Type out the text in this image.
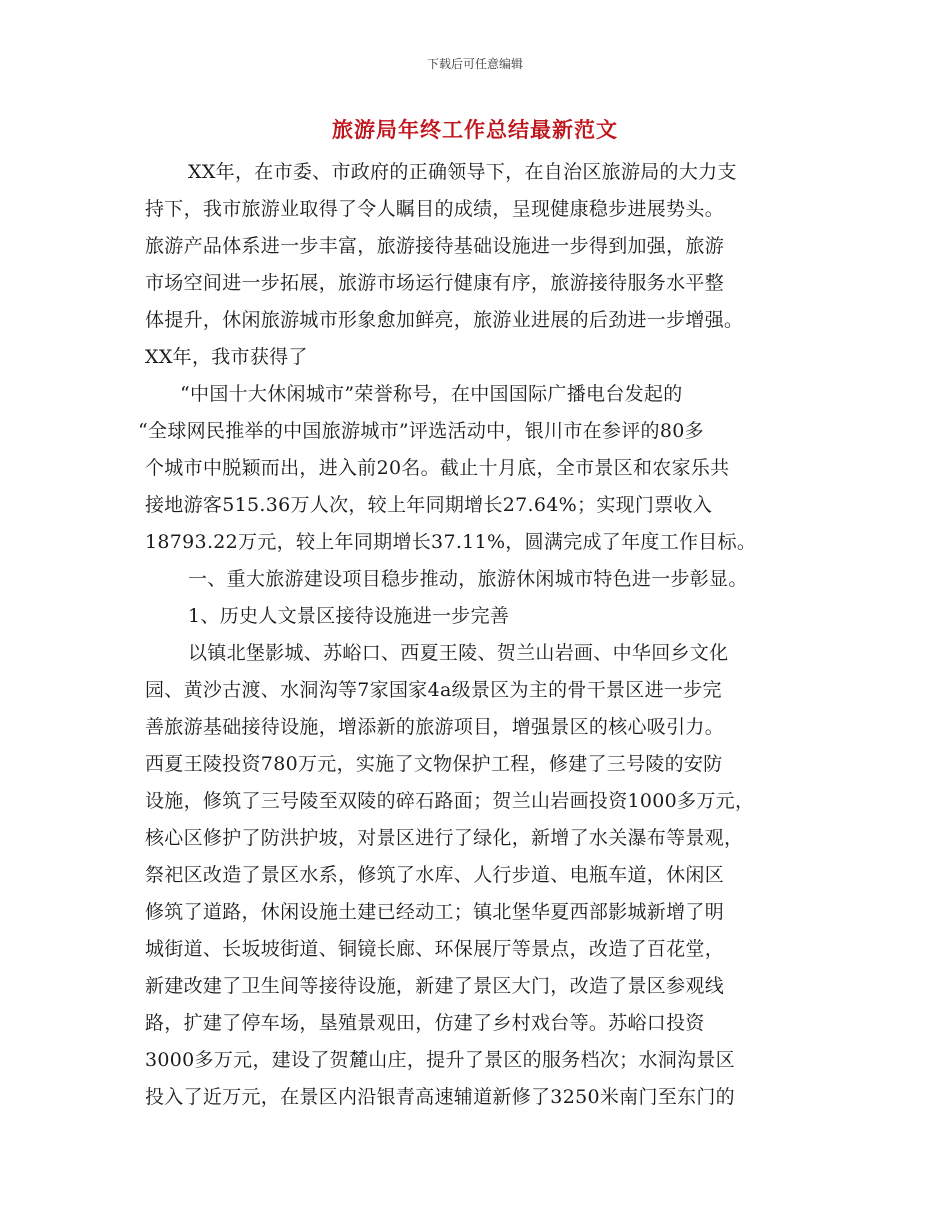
下载后可任意编辑
旅游局年终工作总结最新范文
XX年，在市委、市政府的正确领导下，在自治区旅游局的大力支
持下，我市旅游业取得了令人瞩目的成绩，呈现健康稳步进展势头。
旅游产品体系进一步丰富，旅游接待基础设施进一步得到加强，旅游
市场空间进一步拓展，旅游市场运行健康有序，旅游接待服务水平整
体提升，休闲旅游城市形象愈加鲜亮，旅游业进展的后劲进一步增强。
XX年，我市获得了
“中国十大休闲城市”荣誉称号，在中国国际广播电台发起的
“全球网民推举的中国旅游城市”评选活动中，银川市在参评的80多
个城市中脱颖而出，进入前20名。截止十月底，全市景区和农家乐共
接地游客515.36万人次，较上年同期增长27.64%；实现门票收入
18793.22万元，较上年同期增长37.11%，圆满完成了年度工作目标。
一、重大旅游建设项目稳步推动，旅游休闲城市特色进一步彰显。
1、历史人文景区接待设施进一步完善
以镇北堡影城、苏峪口、西夏王陵、贺兰山岩画、中华回乡文化
园、黄沙古渡、水洞沟等7家国家4a级景区为主的骨干景区进一步完
善旅游基础接待设施，增添新的旅游项目，增强景区的核心吸引力。
西夏王陵投资780万元，实施了文物保护工程，修建了三号陵的安防
设施，修筑了三号陵至双陵的碎石路面；贺兰山岩画投资1000多万元，
核心区修护了防洪护坡，对景区进行了绿化，新增了水关瀑布等景观，
祭祀区改造了景区水系，修筑了水库、人行步道、电瓶车道，休闲区
修筑了道路，休闲设施土建已经动工；镇北堡华夏西部影城新增了明
城街道、长坂坡街道、铜镜长廊、环保展厅等景点，改造了百花堂，
新建改建了卫生间等接待设施，新建了景区大门，改造了景区参观线
路，扩建了停车场，垦殖景观田，仿建了乡村戏台等。苏峪口投资
3000多万元，建设了贺麓山庄，提升了景区的服务档次；水洞沟景区
投入了近万元，在景区内沿银青高速辅道新修了3250米南门至东门的
